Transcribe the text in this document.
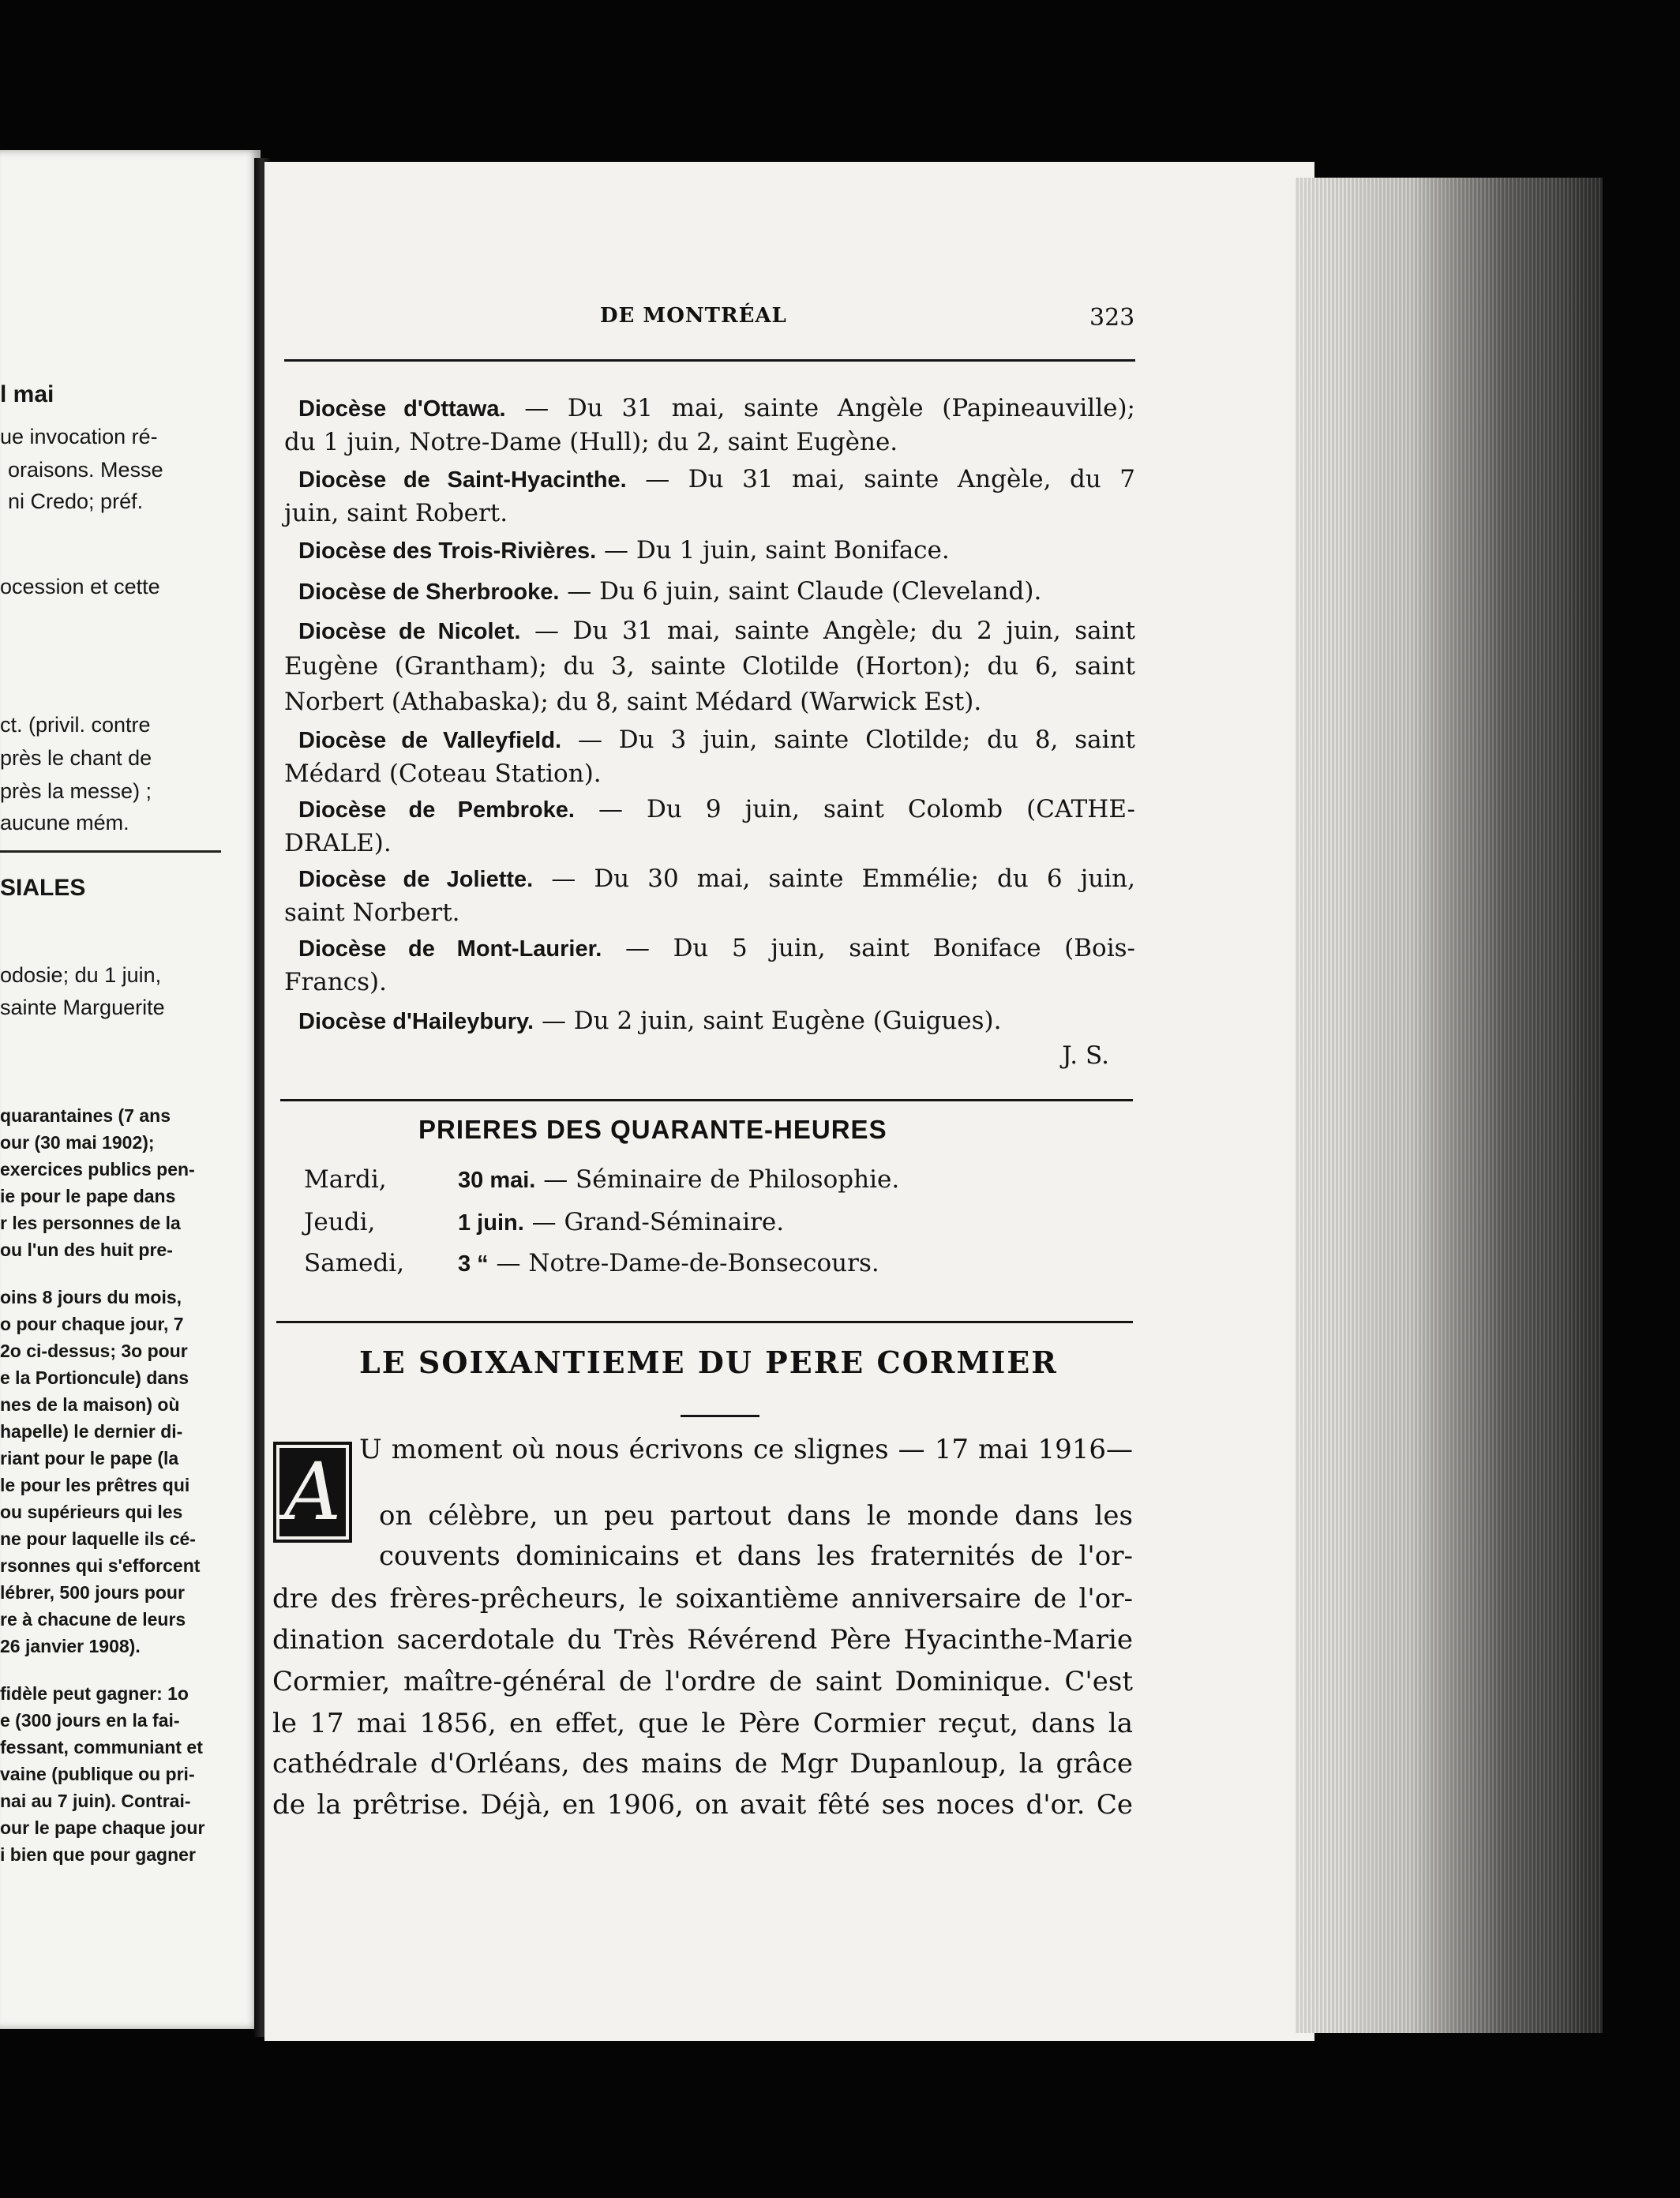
l mai
ue invocation ré-
oraisons. Messe
ni Credo; préf.
ocession et cette
ct. (privil. contre
près le chant de
près la messe) ;
aucune mém.
SIALES
odosie; du 1 juin,
sainte Marguerite
quarantaines (7 ans
our (30 mai 1902);
exercices publics pen-
ie pour le pape dans
r les personnes de la
ou l'un des huit pre-
oins 8 jours du mois,
o pour chaque jour, 7
2o ci-dessus; 3o pour
e la Portioncule) dans
nes de la maison) où
hapelle) le dernier di-
riant pour le pape (la
le pour les prêtres qui
ou supérieurs qui les
ne pour laquelle ils cé-
rsonnes qui s'efforcent
lébrer, 500 jours pour
re à chacune de leurs
26 janvier 1908).
fidèle peut gagner: 1o
e (300 jours en la fai-
fessant, communiant et
vaine (publique ou pri-
nai au 7 juin). Contrai-
our le pape chaque jour
i bien que pour gagner
DE MONTRÉAL	323
Diocèse d'Ottawa. — Du 31 mai, sainte Angèle (Papineauville);
du 1 juin, Notre-Dame (Hull); du 2, saint Eugène.
Diocèse de Saint-Hyacinthe. — Du 31 mai, sainte Angèle, du 7
juin, saint Robert.
Diocèse des Trois-Rivières. — Du 1 juin, saint Boniface.
Diocèse de Sherbrooke. — Du 6 juin, saint Claude (Cleveland).
Diocèse de Nicolet. — Du 31 mai, sainte Angèle; du 2 juin, saint
Eugène (Grantham); du 3, sainte Clotilde (Horton); du 6, saint
Norbert (Athabaska); du 8, saint Médard (Warwick Est).
Diocèse de Valleyfield. — Du 3 juin, sainte Clotilde; du 8, saint
Médard (Coteau Station).
Diocèse de Pembroke. — Du 9 juin, saint Colomb (CATHE-
DRALE).
Diocèse de Joliette. — Du 30 mai, sainte Emmélie; du 6 juin,
saint Norbert.
Diocèse de Mont-Laurier. — Du 5 juin, saint Boniface (Bois-
Francs).
Diocèse d'Haileybury. — Du 2 juin, saint Eugène (Guigues).
J. S.
PRIERES DES QUARANTE-HEURES
Mardi,	30 mai. — Séminaire de Philosophie.
Jeudi,	1 juin. — Grand-Séminaire.
Samedi, 3 “ — Notre-Dame-de-Bonsecours.
LE SOIXANTIEME DU PERE CORMIER
A U moment où nous écrivons ce slignes — 17 mai 1916—
on célèbre, un peu partout dans le monde dans les
couvents dominicains et dans les fraternités de l'or-
dre des frères-prêcheurs, le soixantième anniversaire de l'or-
dination sacerdotale du Très Révérend Père Hyacinthe-Marie
Cormier, maître-général de l'ordre de saint Dominique. C'est
le 17 mai 1856, en effet, que le Père Cormier reçut, dans la
cathédrale d'Orléans, des mains de Mgr Dupanloup, la grâce
de la prêtrise. Déjà, en 1906, on avait fêté ses noces d'or. Ce
